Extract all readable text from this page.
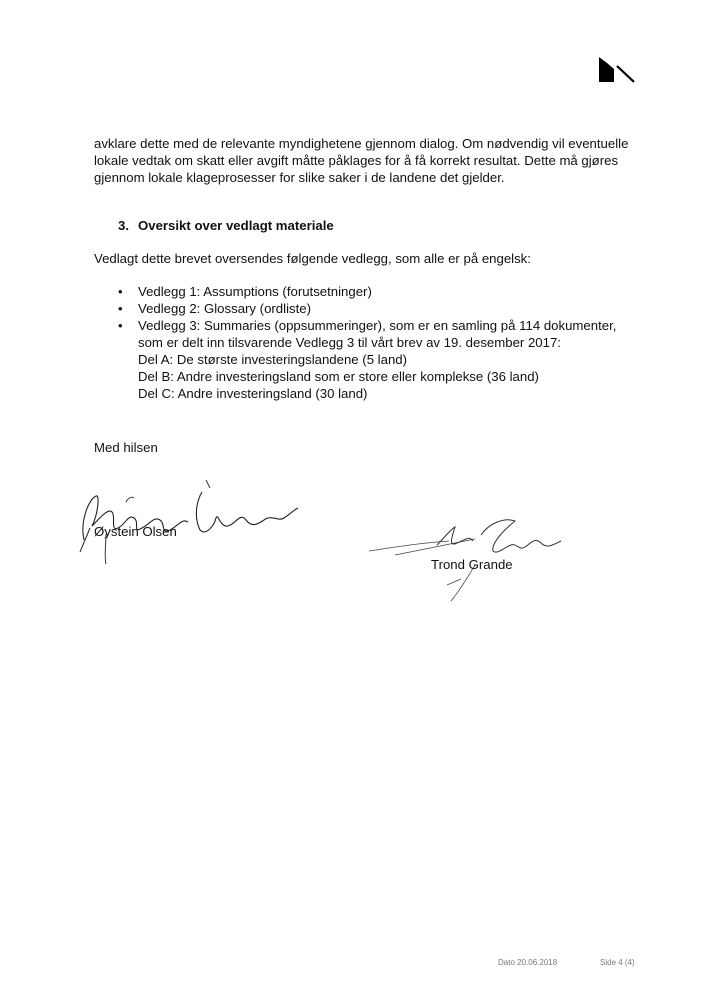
avklare dette med de relevante myndighetene gjennom dialog. Om nødvendig vil eventuelle lokale vedtak om skatt eller avgift måtte påklages for å få korrekt resultat. Dette må gjøres gjennom lokale klageprosesser for slike saker i de landene det gjelder.

3. Oversikt over vedlagt materiale

Vedlagt dette brevet oversendes følgende vedlegg, som alle er på engelsk:

• Vedlegg 1: Assumptions (forutsetninger)
• Vedlegg 2: Glossary (ordliste)
• Vedlegg 3: Summaries (oppsummeringer), som er en samling på 114 dokumenter, som er delt inn tilsvarende Vedlegg 3 til vårt brev av 19. desember 2017:
Del A: De største investeringslandene (5 land)
Del B: Andre investeringsland som er store eller komplekse (36 land)
Del C: Andre investeringsland (30 land)

Med hilsen

Øystein Olsen
Trond Grande
Dato 20.06.2018	Side 4 (4)
